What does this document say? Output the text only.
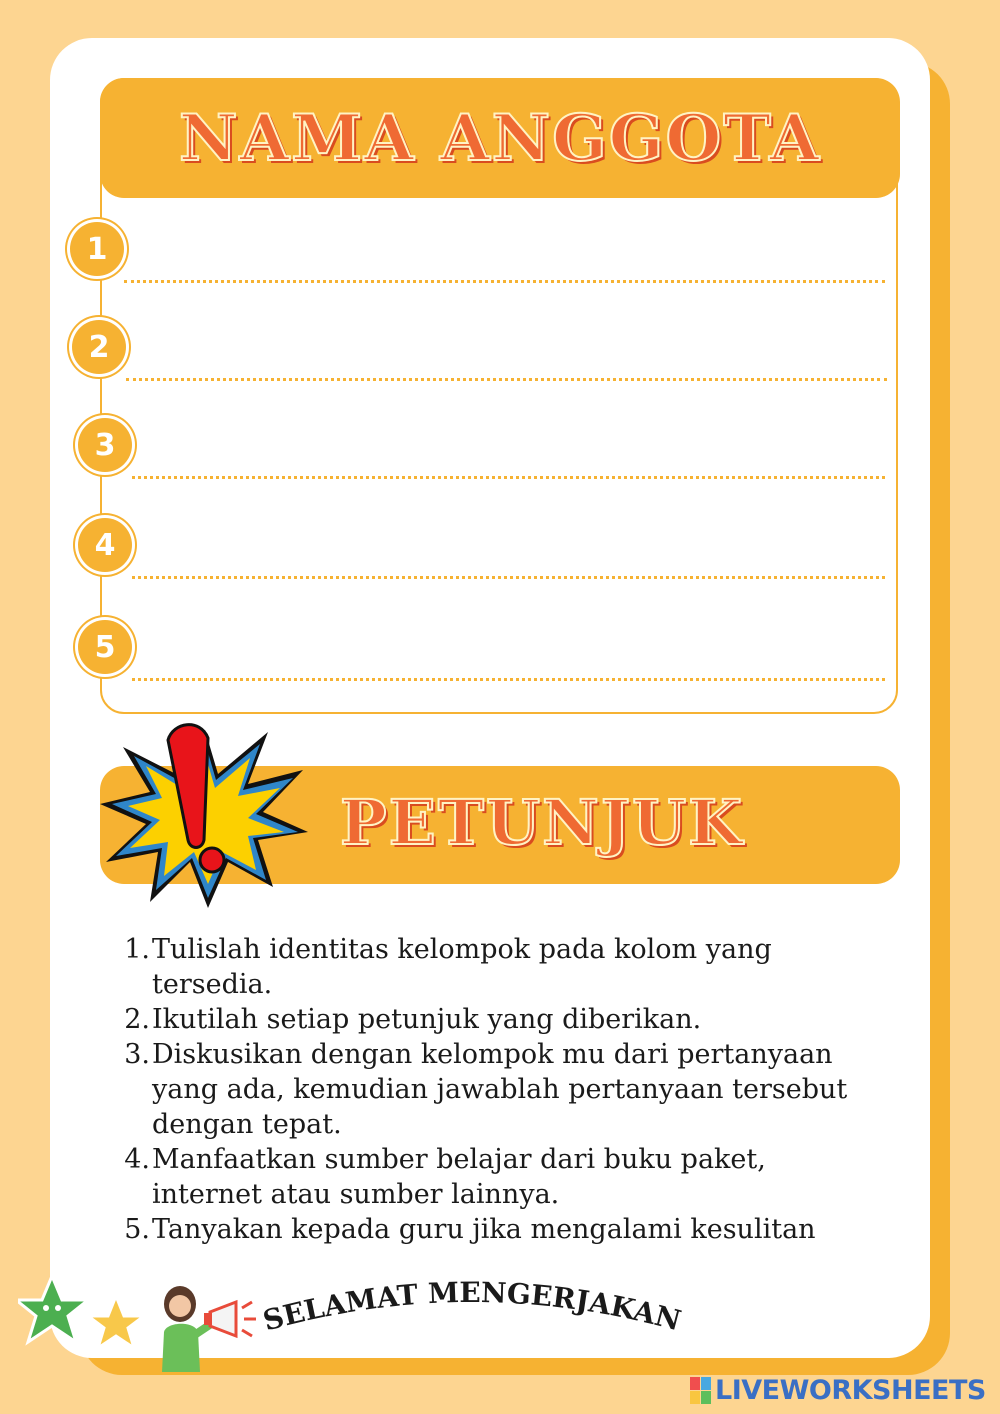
NAMA ANGGOTA
1
2
3
4
5
PETUNJUK
1. Tulislah identitas kelompok pada kolom yang tersedia.
2. Ikutilah setiap petunjuk yang diberikan.
3. Diskusikan dengan kelompok mu dari pertanyaan yang ada, kemudian jawablah pertanyaan tersebut dengan tepat.
4. Manfaatkan sumber belajar dari buku paket, internet atau sumber lainnya.
5. Tanyakan kepada guru jika mengalami kesulitan
SELAMAT MENGERJAKAN
LIVEWORKSHEETS
